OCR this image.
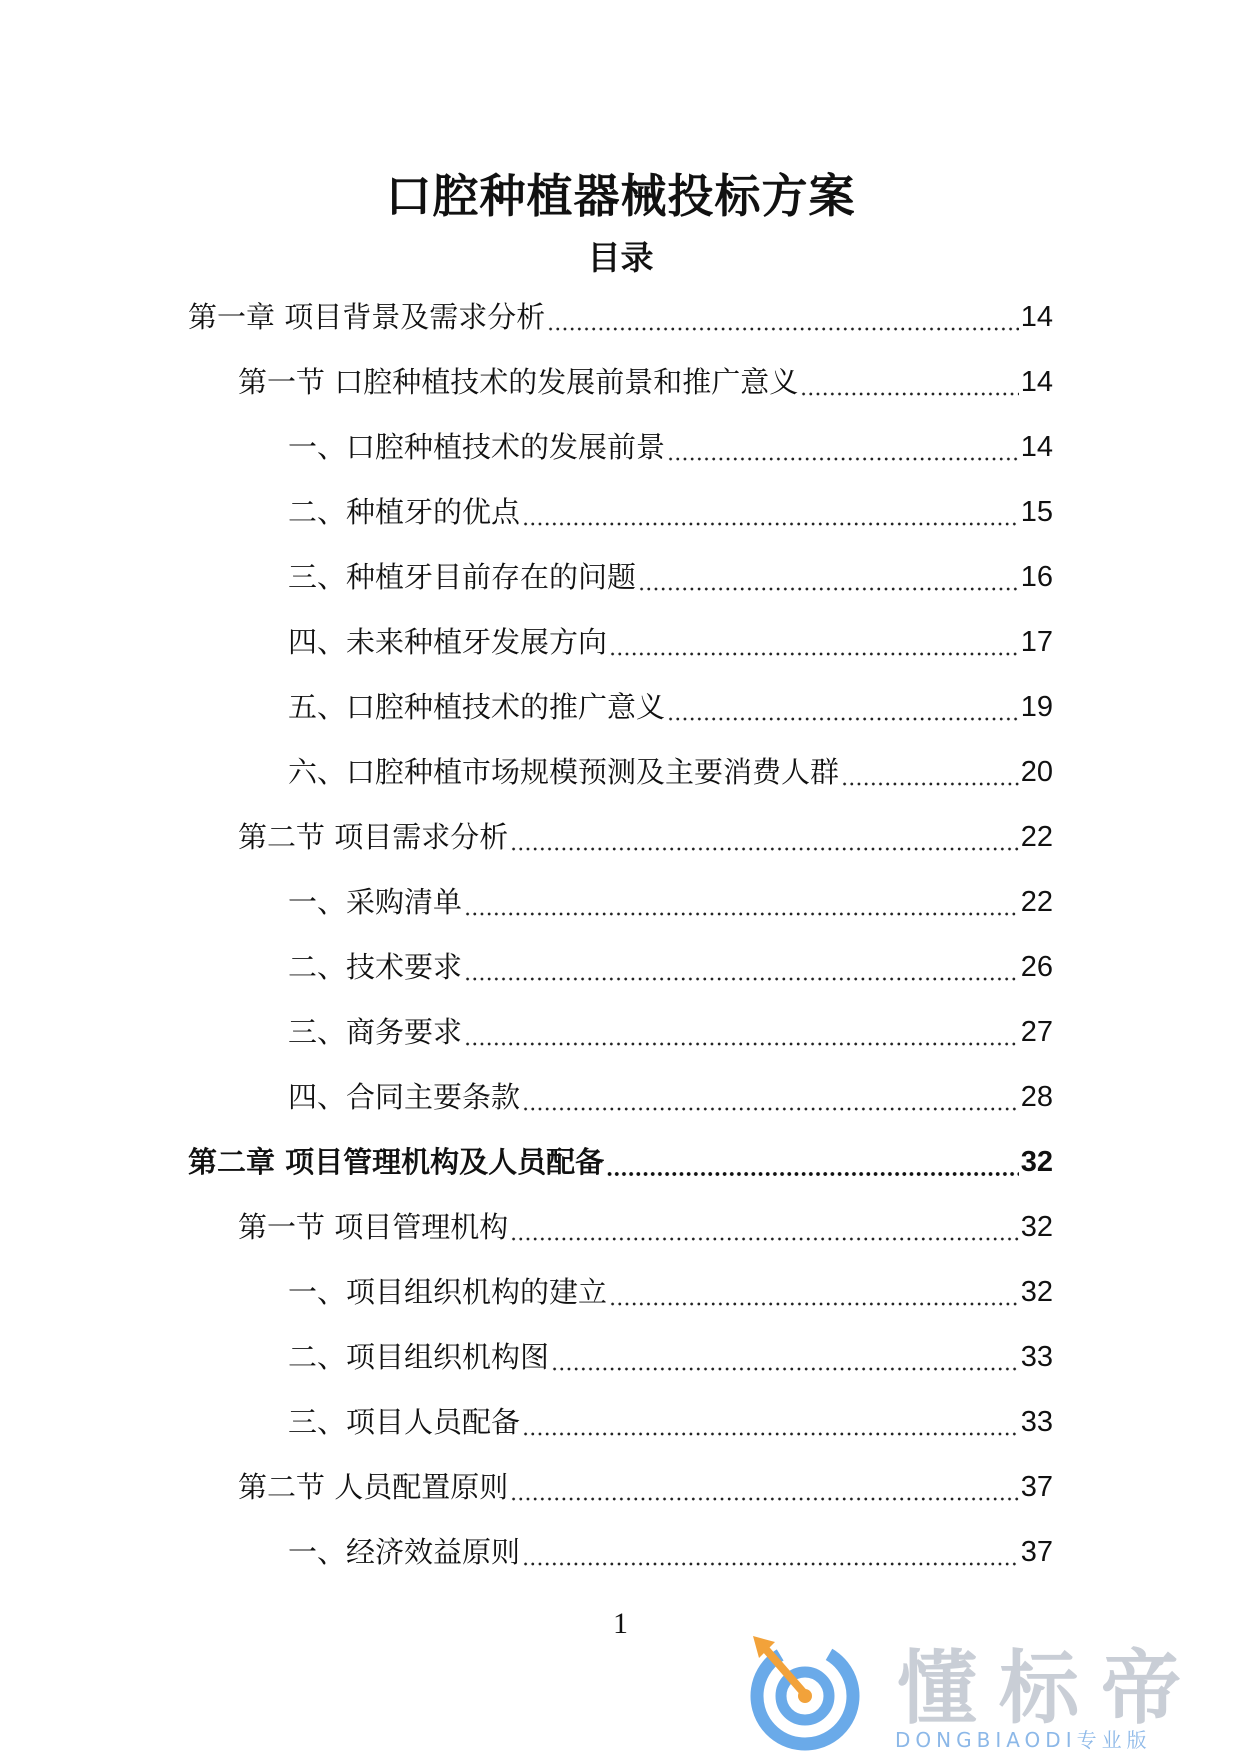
口腔种植器械投标方案
目录
第一章 项目背景及需求分析	14
第一节 口腔种植技术的发展前景和推广意义	14
一、口腔种植技术的发展前景	14
二、种植牙的优点	15
三、种植牙目前存在的问题	16
四、未来种植牙发展方向	17
五、口腔种植技术的推广意义	19
六、口腔种植市场规模预测及主要消费人群	20
第二节 项目需求分析	22
一、采购清单	22
二、技术要求	26
三、商务要求	27
四、合同主要条款	28
第二章 项目管理机构及人员配备	32
第一节 项目管理机构	32
一、项目组织机构的建立	32
二、项目组织机构图	33
三、项目人员配备	33
第二节 人员配置原则	37
一、经济效益原则	37
1
懂标帝
DONGBIAODI专业版
